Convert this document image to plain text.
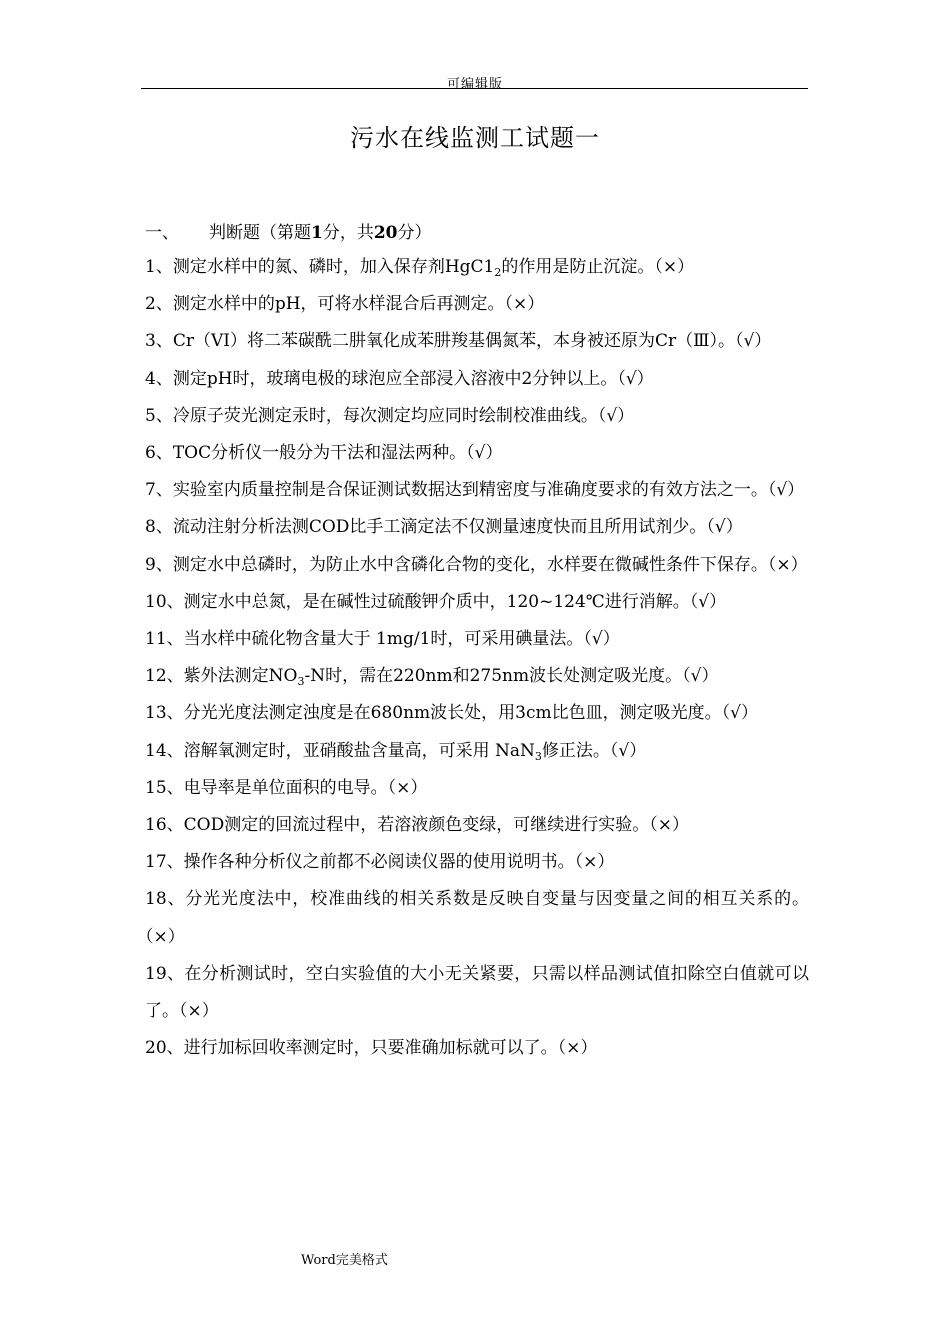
可编辑版
污水在线监测工试题一
一、 判断题（第题1分，共20分）

1、测定水样中的氮、磷时，加入保存剂$HgC1_2$的作用是防止沉淀。（×）

2、测定水样中的pH，可将水样混合后再测定。（×）

3、Cr（VI）将二苯碳酰二肼氧化成苯肼羧基偶氮苯，本身被还原为Cr（Ⅲ）。（√）

4、测定pH时，玻璃电极的球泡应全部浸入溶液中2分钟以上。（√）

5、冷原子荧光测定汞时，每次测定均应同时绘制校准曲线。（√）

6、TOC分析仪一般分为干法和湿法两种。（√）

7、实验室内质量控制是合保证测试数据达到精密度与准确度要求的有效方法之一。（√）

8、流动注射分析法测COD比手工滴定法不仅测量速度快而且所用试剂少。（√）

9、测定水中总磷时，为防止水中含磷化合物的变化，水样要在微碱性条件下保存。（×）

10、测定水中总氮，是在碱性过硫酸钾介质中，120~124℃进行消解。（√）

11、当水样中硫化物含量大于 1mg/1时，可采用碘量法。（√）

12、紫外法测定$NO_3-N$时，需在220nm和275nm波长处测定吸光度。（√）

13、分光光度法测定浊度是在680nm波长处，用3cm比色皿，测定吸光度。（√）

14、溶解氧测定时，亚硝酸盐含量高，可采用 NaN$_3$修正法。（√）

15、电导率是单位面积的电导。（×）

16、COD测定的回流过程中，若溶液颜色变绿，可继续进行实验。（×）

17、操作各种分析仪之前都不必阅读仪器的使用说明书。（×）

18、分光光度法中，校准曲线的相关系数是反映自变量与因变量之间的相互关系的。（×）

19、在分析测试时，空白实验值的大小无关紧要，只需以样品测试值扣除空白值就可以了。（×）

20、进行加标回收率测定时，只要准确加标就可以了。（×）

Word完美格式
